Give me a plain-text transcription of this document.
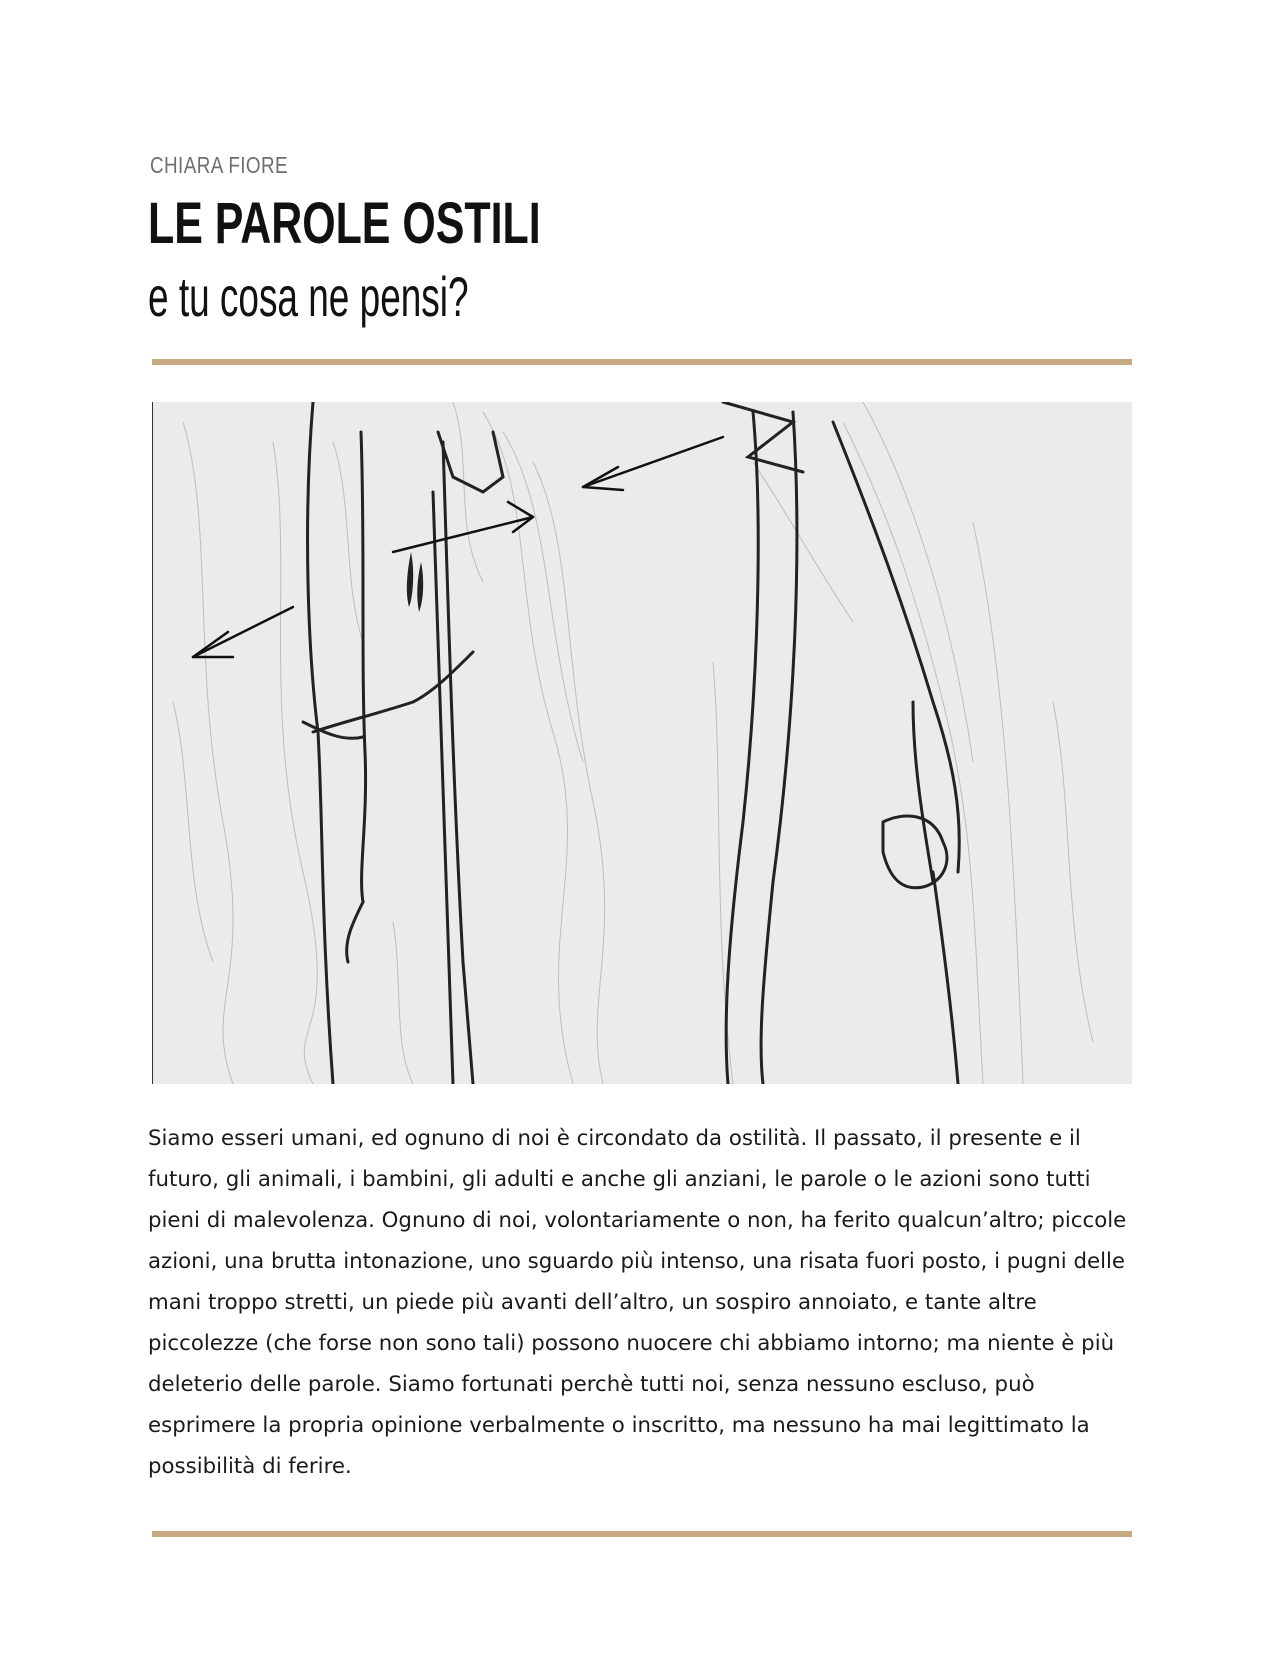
CHIARA FIORE
LE PAROLE OSTILI
e tu cosa ne pensi?

Siamo esseri umani, ed ognuno di noi è circondato da ostilità. Il passato, il presente e il
futuro, gli animali, i bambini, gli adulti e anche gli anziani, le parole o le azioni sono tutti
pieni di malevolenza. Ognuno di noi, volontariamente o non, ha ferito qualcun’altro; piccole
azioni, una brutta intonazione, uno sguardo più intenso, una risata fuori posto, i pugni delle
mani troppo stretti, un piede più avanti dell’altro, un sospiro annoiato, e tante altre
piccolezze (che forse non sono tali) possono nuocere chi abbiamo intorno; ma niente è più
deleterio delle parole. Siamo fortunati perchè tutti noi, senza nessuno escluso, può
esprimere la propria opinione verbalmente o inscritto, ma nessuno ha mai legittimato la
possibilità di ferire.
